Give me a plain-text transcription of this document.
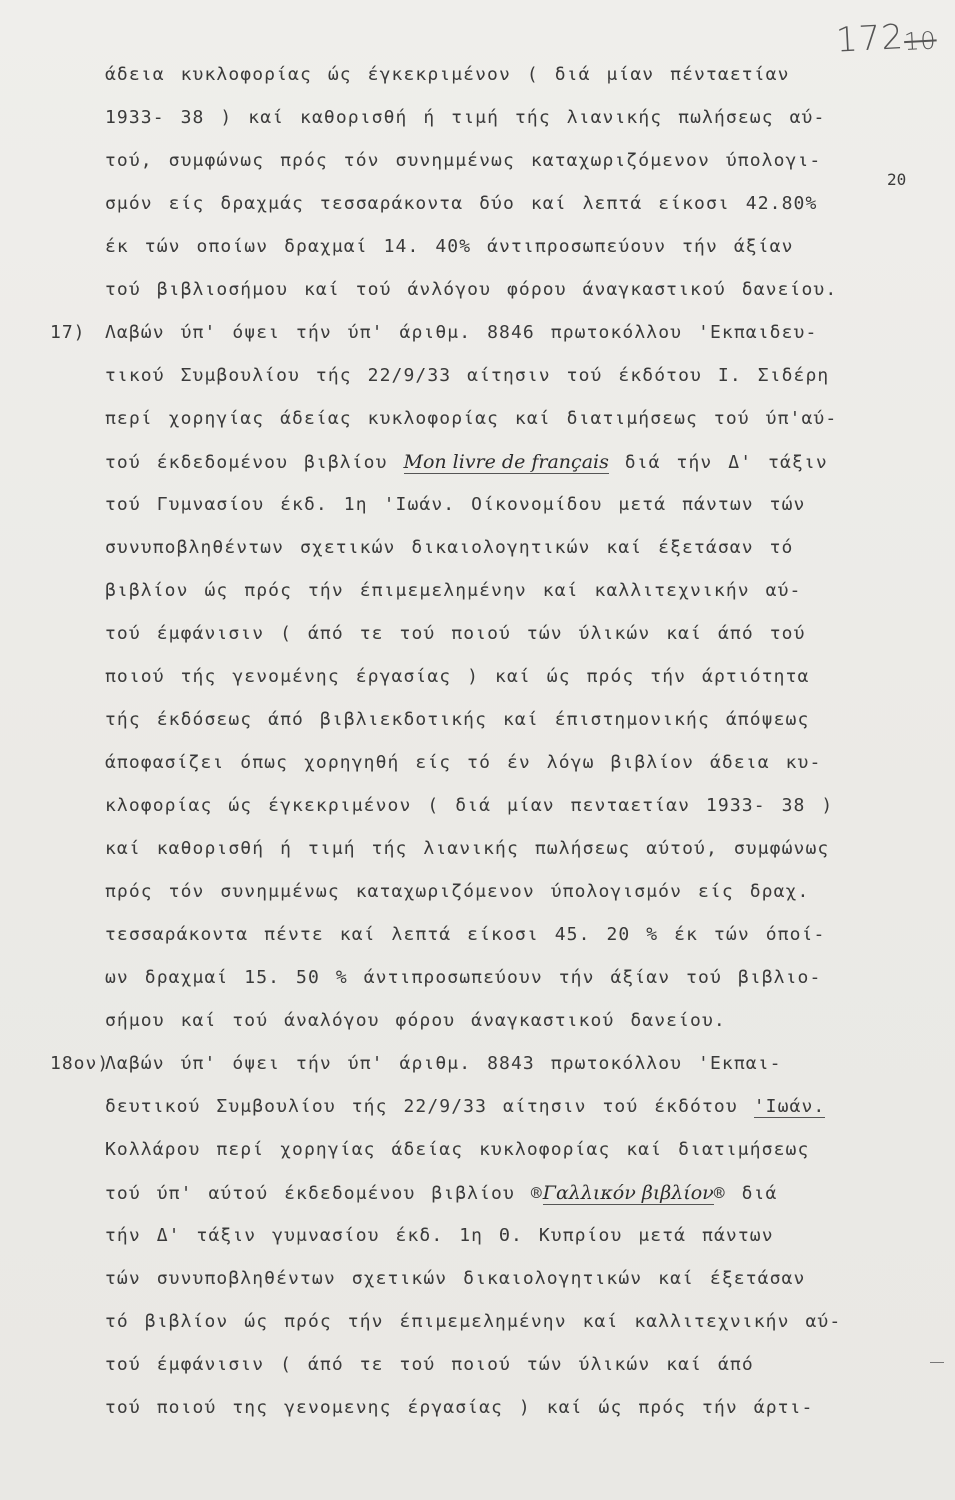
17210
20
άδεια κυκλοφορίας ώς έγκεκριμένον ( διά μίαν πένταετίαν
1933- 38 ) καί καθορισθή ή τιμή τής λιανικής πωλήσεως αύ-
τού, συμφώνως πρός τόν συνημμένως καταχωριζόμενον ύπολογι-
σμόν είς δραχμάς τεσσαράκοντα δύο καί λεπτά είκοσι 42.80%
έκ τών οποίων δραχμαί 14. 40% άντιπροσωπεύουν τήν άξίαν
τού βιβλιοσήμου καί τού άνλόγου φόρου άναγκαστικού δανείου.
17) Λαβών ύπ' όψει τήν ύπ' άριθμ. 8846 πρωτοκόλλου 'Εκπαιδευ-
τικού Συμβουλίου τής 22/9/33 αίτησιν τού έκδότου Ι. Σιδέρη
περί χορηγίας άδείας κυκλοφορίας καί διατιμήσεως τού ύπ'αύ-
τού έκδεδομένου βιβλίου Mon livre de français διά τήν Δ' τάξιν
τού Γυμνασίου έκδ. 1η 'Ιωάν. Οίκονομίδου μετά πάντων τών
συνυποβληθέντων σχετικών δικαιολογητικών καί έξετάσαν τό
βιβλίον ώς πρός τήν έπιμεμελημένην καί καλλιτεχνικήν αύ-
τού έμφάνισιν ( άπό τε τού ποιού τών ύλικών καί άπό τού
ποιού τής γενομένης έργασίας ) καί ώς πρός τήν άρτιότητα
τής έκδόσεως άπό βιβλιεκδοτικής καί έπιστημονικής άπόψεως
άποφασίζει όπως χορηγηθή είς τό έν λόγω βιβλίον άδεια κυ-
κλοφορίας ώς έγκεκριμένον ( διά μίαν πενταετίαν 1933- 38 )
καί καθορισθή ή τιμή τής λιανικής πωλήσεως αύτού, συμφώνως
πρός τόν συνημμένως καταχωριζόμενον ύπολογισμόν είς δραχ.
τεσσαράκοντα πέντε καί λεπτά είκοσι 45. 20 % έκ τών όποί-
ων δραχμαί 15. 50 % άντιπροσωπεύουν τήν άξίαν τού βιβλιο-
σήμου καί τού άναλόγου φόρου άναγκαστικού δανείου.
18ον)
Λαβών ύπ' όψει τήν ύπ' άριθμ. 8843 πρωτοκόλλου 'Εκπαι-
δευτικού Συμβουλίου τής 22/9/33 αίτησιν τού έκδότου 'Ιωάν.
Κολλάρου περί χορηγίας άδείας κυκλοφορίας καί διατιμήσεως
τού ύπ' αύτού έκδεδομένου βιβλίου ®Γαλλικόν βιβλίον® διά
τήν Δ' τάξιν γυμνασίου έκδ. 1η Θ. Κυπρίου μετά πάντων
τών συνυποβληθέντων σχετικών δικαιολογητικών καί έξετάσαν
τό βιβλίον ώς πρός τήν έπιμεμελημένην καί καλλιτεχνικήν αύ-
τού έμφάνισιν ( άπό τε τού ποιού τών ύλικών καί άπό
τού ποιού της γενομενης έργασίας ) καί ώς πρός τήν άρτι-
